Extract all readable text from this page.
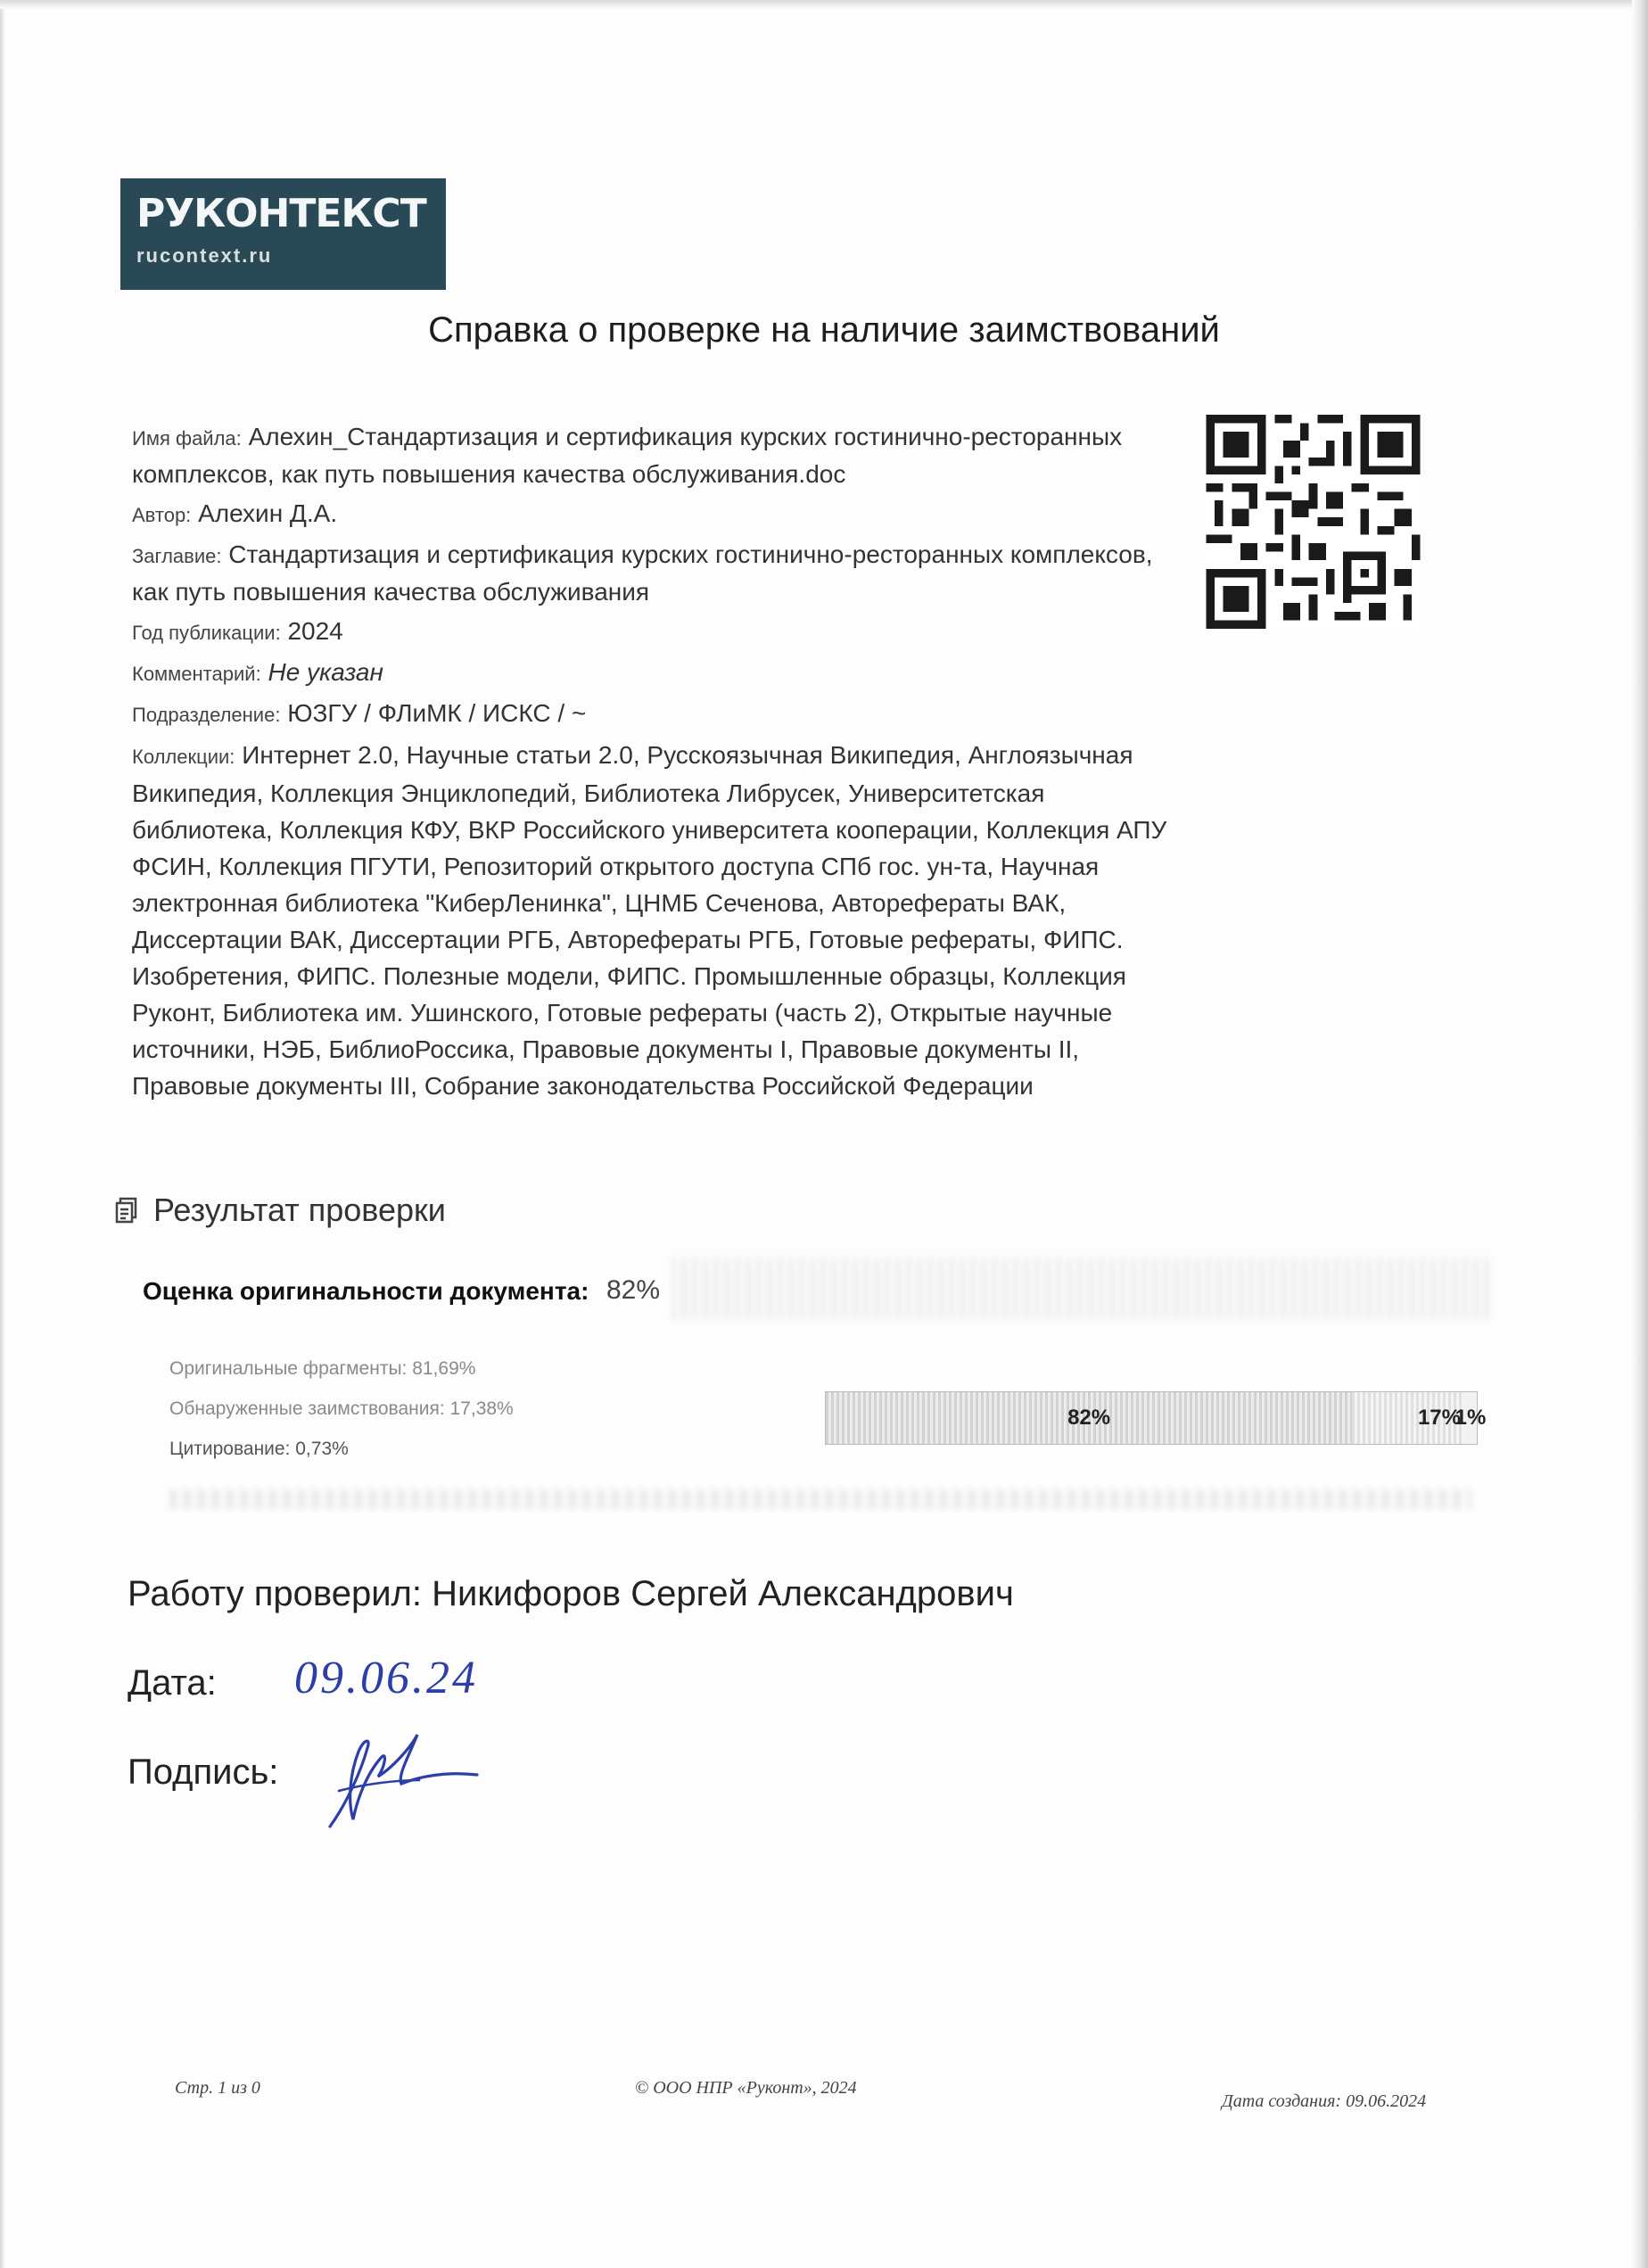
РУКОНТЕКСТ
rucontext.ru
Справка о проверке на наличие заимствований

Имя файла: Алехин_Стандартизация и сертификация курских гостинично-ресторанных комплексов, как путь повышения качества обслуживания.doc

Автор: Алехин Д.А.

Заглавие: Стандартизация и сертификация курских гостинично-ресторанных комплексов, как путь повышения качества обслуживания

Год публикации: 2024

Комментарий: Не указан

Подразделение: ЮЗГУ / ФЛиМК / ИСКС / ~

Коллекции: Интернет 2.0, Научные статьи 2.0, Русскоязычная Википедия, Англоязычная Википедия, Коллекция Энциклопедий, Библиотека Либрусек, Университетская библиотека, Коллекция КФУ, ВКР Российского университета кооперации, Коллекция АПУ ФСИН, Коллекция ПГУТИ, Репозиторий открытого доступа СПб гос. ун-та, Научная электронная библиотека "КиберЛенинка", ЦНМБ Сеченова, Авторефераты ВАК, Диссертации ВАК, Диссертации РГБ, Авторефераты РГБ, Готовые рефераты, ФИПС. Изобретения, ФИПС. Полезные модели, ФИПС. Промышленные образцы, Коллекция Руконт, Библиотека им. Ушинского, Готовые рефераты (часть 2), Открытые научные источники, НЭБ, БиблиоРоссика, Правовые документы I, Правовые документы II, Правовые документы III, Собрание законодательства Российской Федерации

Результат проверки
Оценка оригинальности документа: 82%
Оригинальные фрагменты: 81,69%
Обнаруженные заимствования: 17,38%
Цитирование: 0,73%
82%	17%
1%
Работу проверил: Никифоров Сергей Александрович
Дата: 09.06.24
Подпись:
Стр. 1 из 0	© ООО НПР «Руконт», 2024
Дата создания: 09.06.2024
